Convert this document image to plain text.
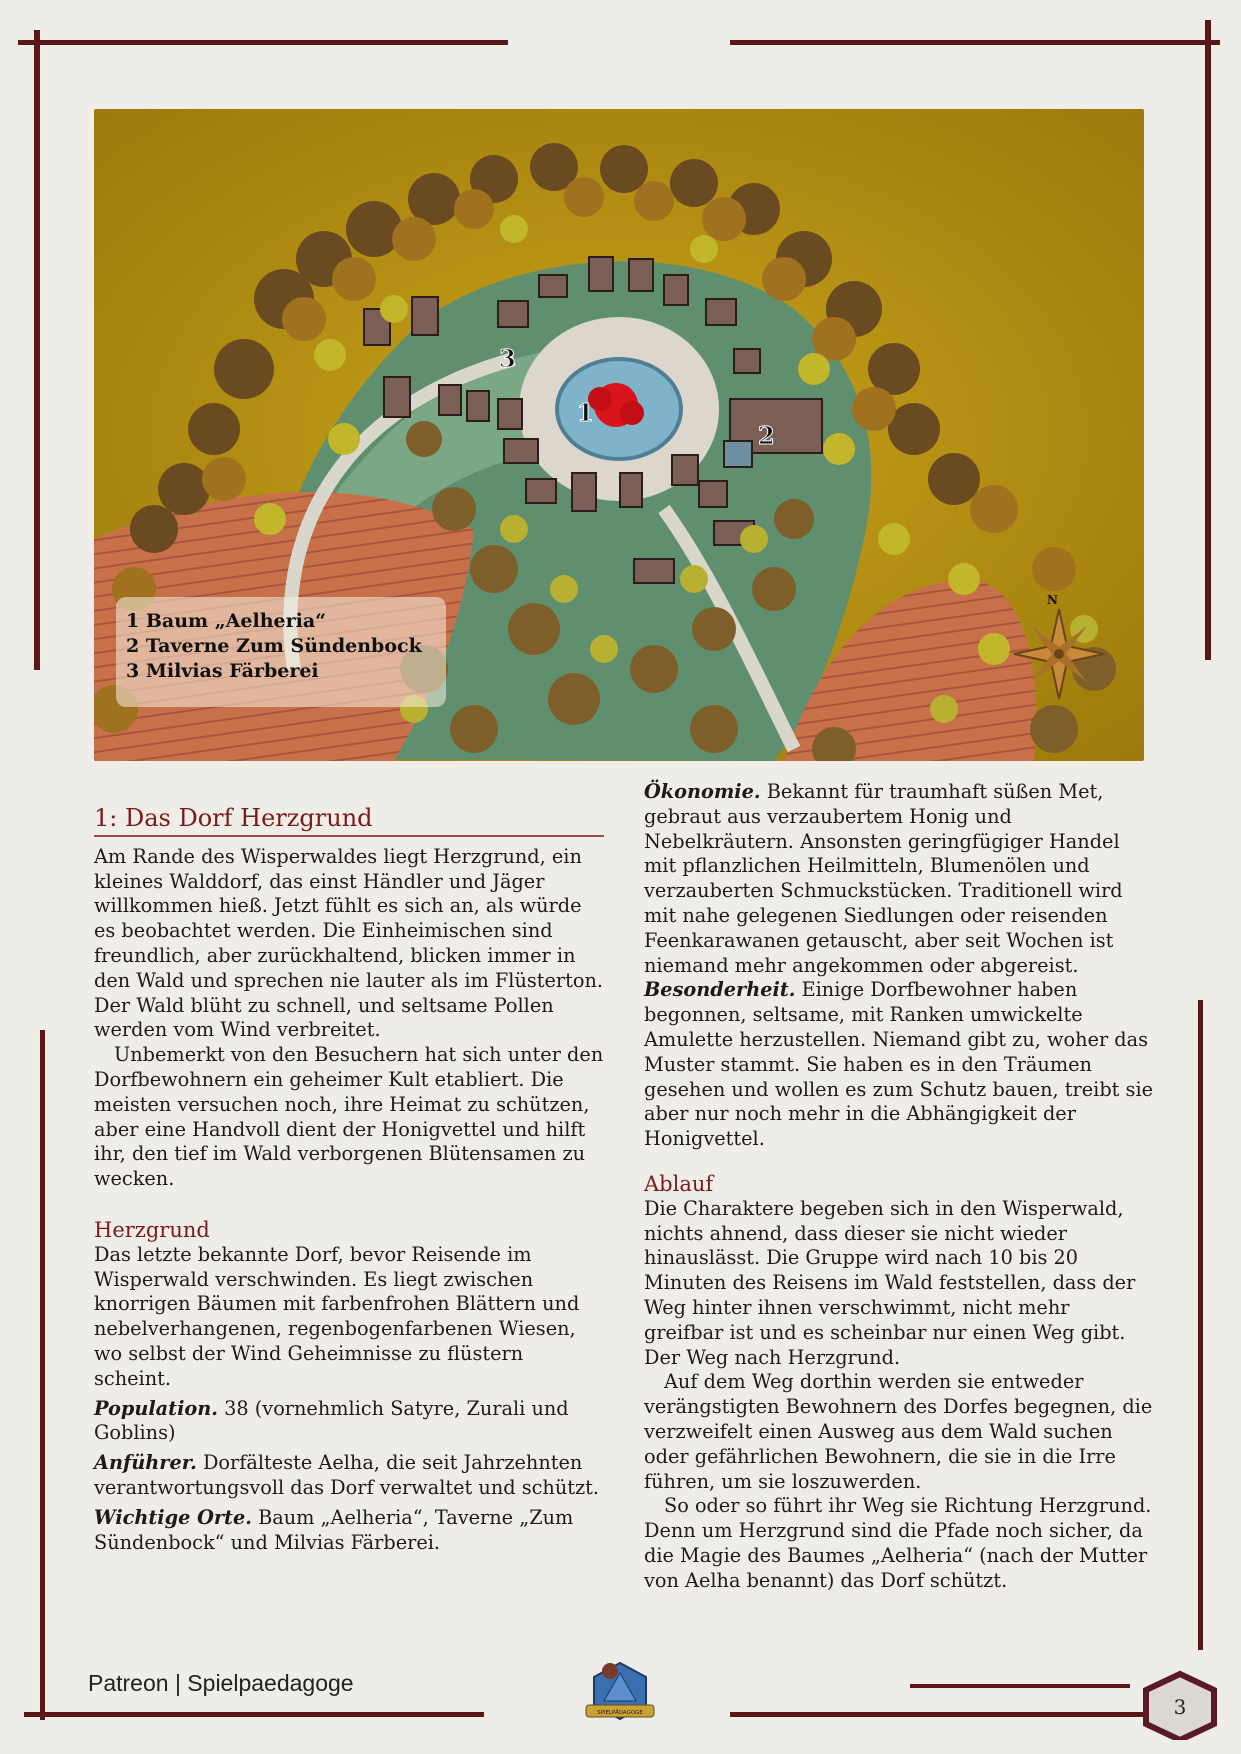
N
1
2
3
1 Baum „Aelheria“
2 Taverne Zum Sündenbock
3 Milvias Färberei
1: Das Dorf Herzgrund

Am Rande des Wisperwaldes liegt Herzgrund, ein kleines Walddorf, das einst Händler und Jäger willkommen hieß. Jetzt fühlt es sich an, als würde es beobachtet werden. Die Einheimischen sind freundlich, aber zurückhaltend, blicken immer in den Wald und sprechen nie lauter als im Flüsterton. Der Wald blüht zu schnell, und seltsame Pollen werden vom Wind verbreitet.

Unbemerkt von den Besuchern hat sich unter den Dorfbewohnern ein geheimer Kult etabliert. Die meisten versuchen noch, ihre Heimat zu schützen, aber eine Handvoll dient der Honigvettel und hilft ihr, den tief im Wald verborgenen Blütensamen zu wecken.

Herzgrund

Das letzte bekannte Dorf, bevor Reisende im Wisperwald verschwinden. Es liegt zwischen knorrigen Bäumen mit farbenfrohen Blättern und nebelverhangenen, regenbogenfarbenen Wiesen, wo selbst der Wind Geheimnisse zu flüstern scheint.

Population. 38 (vornehmlich Satyre, Zurali und Goblins)

Anführer. Dorfälteste Aelha, die seit Jahrzehnten verantwortungsvoll das Dorf verwaltet und schützt.

Wichtige Orte. Baum „Aelheria“, Taverne „Zum Sündenbock“ und Milvias Färberei.

Ökonomie. Bekannt für traumhaft süßen Met, gebraut aus verzaubertem Honig und Nebelkräutern. Ansonsten geringfügiger Handel mit pflanzlichen Heilmitteln, Blumenölen und verzauberten Schmuckstücken. Traditionell wird mit nahe gelegenen Siedlungen oder reisenden Feenkarawanen getauscht, aber seit Wochen ist niemand mehr angekommen oder abgereist.

Besonderheit. Einige Dorfbewohner haben begonnen, seltsame, mit Ranken umwickelte Amulette herzustellen. Niemand gibt zu, woher das Muster stammt. Sie haben es in den Träumen gesehen und wollen es zum Schutz bauen, treibt sie aber nur noch mehr in die Abhängigkeit der Honigvettel.

Ablauf

Die Charaktere begeben sich in den Wisperwald, nichts ahnend, dass dieser sie nicht wieder hinauslässt. Die Gruppe wird nach 10 bis 20 Minuten des Reisens im Wald feststellen, dass der Weg hinter ihnen verschwimmt, nicht mehr greifbar ist und es scheinbar nur einen Weg gibt. Der Weg nach Herzgrund.

Auf dem Weg dorthin werden sie entweder verängstigten Bewohnern des Dorfes begegnen, die verzweifelt einen Ausweg aus dem Wald suchen oder gefährlichen Bewohnern, die sie in die Irre führen, um sie loszuwerden.

So oder so führt ihr Weg sie Richtung Herzgrund. Denn um Herzgrund sind die Pfade noch sicher, da die Magie des Baumes „Aelheria“ (nach der Mutter von Aelha benannt) das Dorf schützt.

Patreon | Spielpaedagoge
SPIELPÄDAGOGE	3
